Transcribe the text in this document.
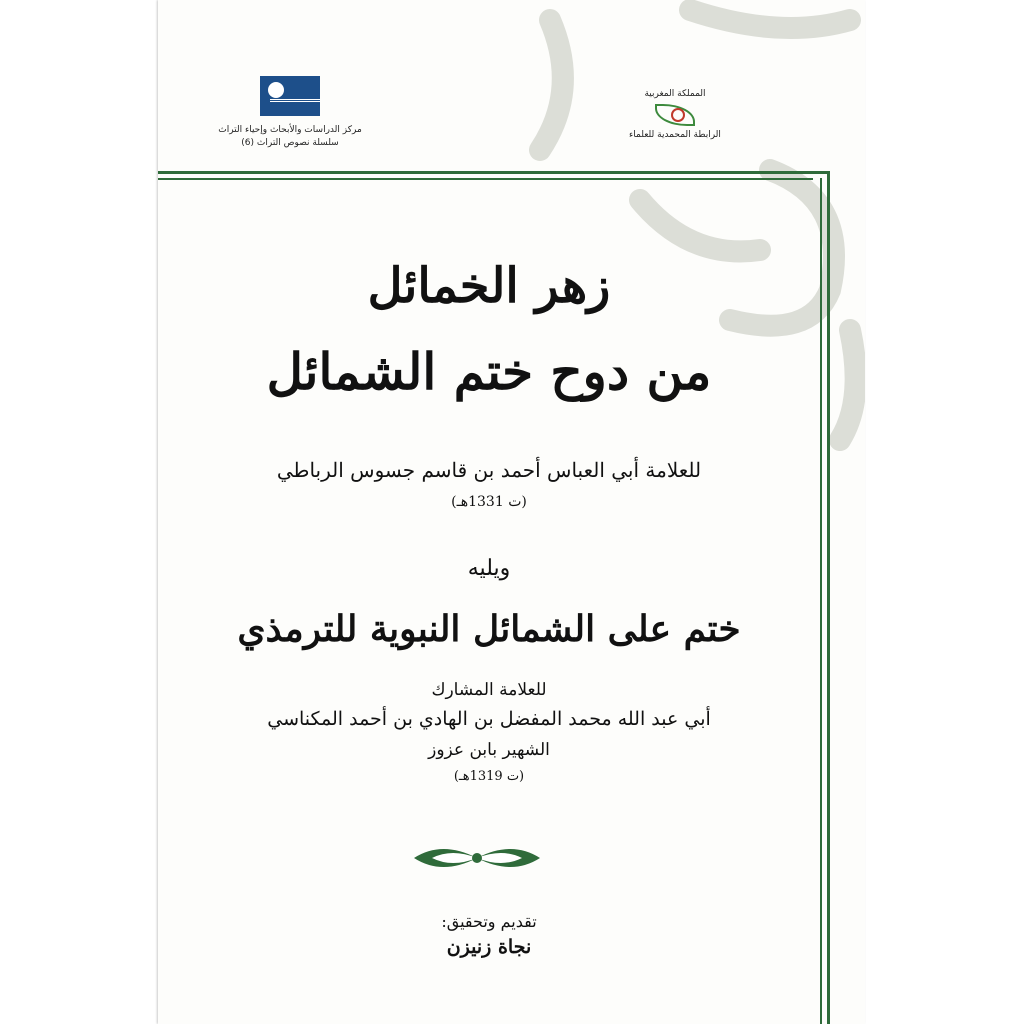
مركز الدراسات والأبحاث وإحياء التراث
سلسلة نصوص التراث (6)
المملكة المغربية
الرابطة المحمدية للعلماء
زهر الخمائل
من دوح ختم الشمائل
للعلامة أبي العباس أحمد بن قاسم جسوس الرباطي
(ت 1331هـ)
ويليه
ختم على الشمائل النبوية للترمذي
للعلامة المشارك
أبي عبد الله محمد المفضل بن الهادي بن أحمد المكناسي
الشهير بابن عزوز
(ت 1319هـ)
تقديم وتحقيق:
نجاة زنيزن
